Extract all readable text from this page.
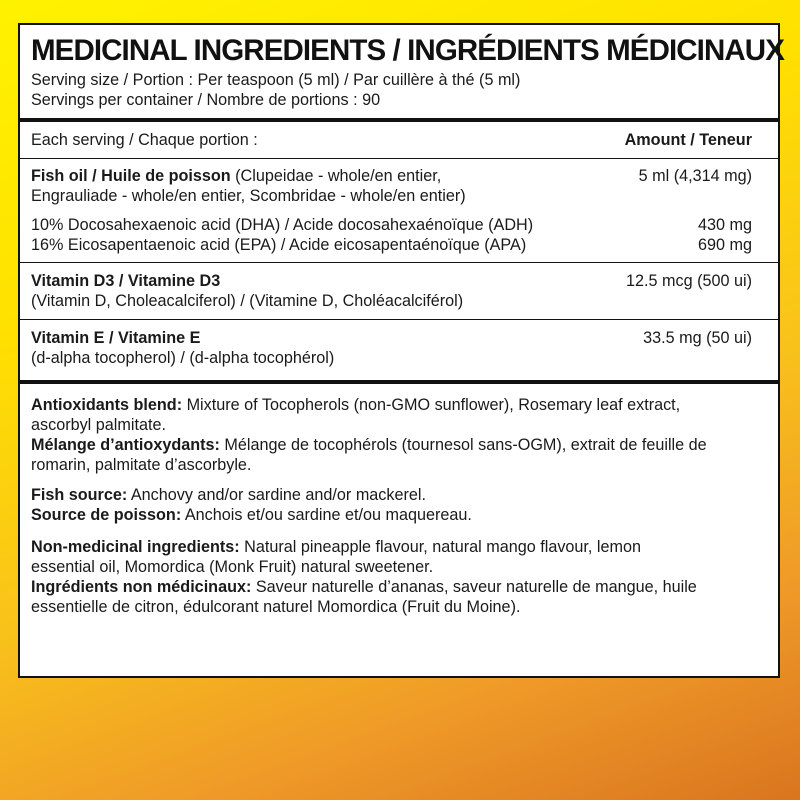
MEDICINAL INGREDIENTS / INGRÉDIENTS MÉDICINAUX
Serving size / Portion : Per teaspoon (5 ml) / Par cuillère à thé (5 ml)
Servings per container / Nombre de portions : 90
Each serving / Chaque portion :	Amount / Teneur
Fish oil / Huile de poisson (Clupeidae - whole/en entier,	5 ml (4,314 mg)
Engrauliade - whole/en entier, Scombridae - whole/en entier)
10% Docosahexaenoic acid (DHA) / Acide docosahexaénoïque (ADH)	430 mg
16% Eicosapentaenoic acid (EPA) / Acide eicosapentaénoïque (APA)	690 mg
Vitamin D3 / Vitamine D3	12.5 mcg (500 ui)
(Vitamin D, Choleacalciferol) / (Vitamine D, Choléacalciférol)
Vitamin E / Vitamine E	33.5 mg (50 ui)
(d-alpha tocopherol) / (d-alpha tocophérol)
Antioxidants blend: Mixture of Tocopherols (non-GMO sunflower), Rosemary leaf extract,
ascorbyl palmitate.
Mélange d’antioxydants: Mélange de tocophérols (tournesol sans-OGM), extrait de feuille de
romarin, palmitate d’ascorbyle.
Fish source: Anchovy and/or sardine and/or mackerel.
Source de poisson: Anchois et/ou sardine et/ou maquereau.
Non-medicinal ingredients: Natural pineapple flavour, natural mango flavour, lemon
essential oil, Momordica (Monk Fruit) natural sweetener.
Ingrédients non médicinaux: Saveur naturelle d’ananas, saveur naturelle de mangue, huile
essentielle de citron, édulcorant naturel Momordica (Fruit du Moine).
